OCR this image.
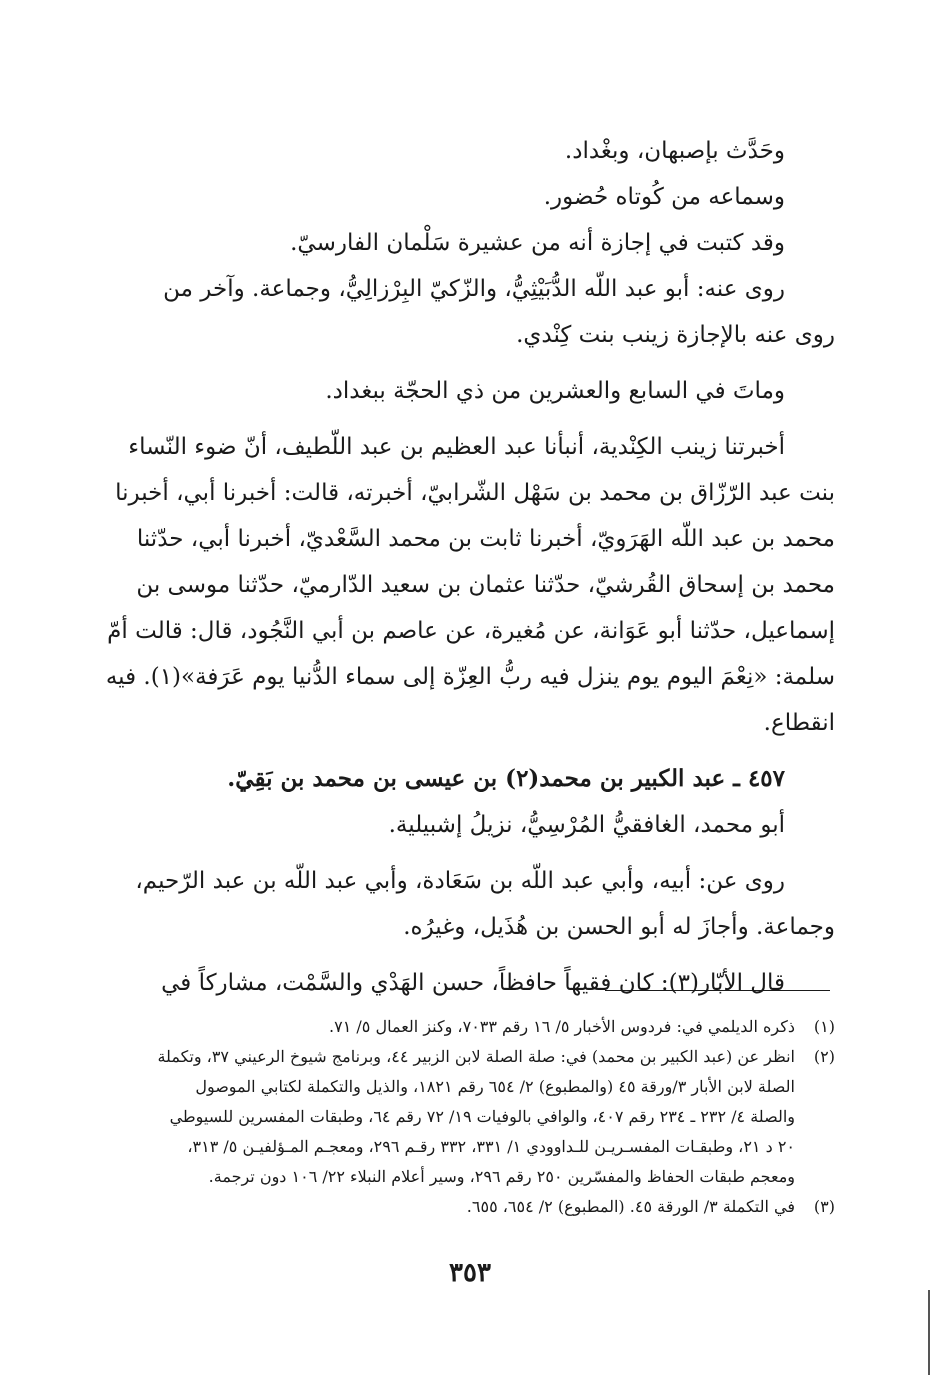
وحَدَّث بإصبهان، وبغْداد.

وسماعه من كُوتاه حُضور.

وقد كتبت في إجازة أنه من عشيرة سَلْمان الفارسيّ.

روى عنه: أبو عبد اللّه الدُّبَيْثِيُّ، والزّكيّ البِرْزالِيُّ، وجماعة. وآخر من

روى عنه بالإجازة زينب بنت كِنْدي.

وماتَ في السابع والعشرين من ذي الحجّة ببغداد.

أخبرتنا زينب الكِنْدية، أنبأنا عبد العظيم بن عبد اللّطيف، أنّ ضوء النّساء

بنت عبد الرّزّاق بن محمد بن سَهْل الشّرابيّ، أخبرته، قالت: أخبرنا أبي، أخبرنا

محمد بن عبد اللّه الهَرَويّ، أخبرنا ثابت بن محمد السَّعْديّ، أخبرنا أبي، حدّثنا

محمد بن إسحاق القُرشيّ، حدّثنا عثمان بن سعيد الدّارميّ، حدّثنا موسى بن

إسماعيل، حدّثنا أبو عَوَانة، عن مُغيرة، عن عاصم بن أبي النَّجُود، قال: قالت أمّ

سلمة: «نِعْمَ اليوم يوم ينزل فيه ربُّ العِزّة إلى سماء الدُّنيا يوم عَرَفة»(١). فيه

انقطاع.

٤٥٧ ـ عبد الكبير بن محمد(٢) بن عيسى بن محمد بن بَقِيّ.

أبو محمد، الغافقيُّ المُرْسِيُّ، نزيلُ إشبيلية.

روى عن: أبيه، وأبي عبد اللّه بن سَعَادة، وأبي عبد اللّه بن عبد الرّحيم،

وجماعة. وأجازَ له أبو الحسن بن هُذَيل، وغيرُه.

قال الأبّار(٣): كان فقيهاً حافظاً، حسن الهَدْي والسَّمْت، مشاركاً في

(١)ذكره الديلمي في: فردوس الأخبار ٥/ ١٦ رقم ٧٠٣٣، وكنز العمال ٥/ ٧١.

(٢)انظر عن (عبد الكبير بن محمد) في: صلة الصلة لابن الزبير ٤٤، وبرنامج شيوخ الرعيني ٣٧، وتكملة

الصلة لابن الأبار ٣/ورقة ٤٥ (والمطبوع) ٢/ ٦٥٤ رقم ١٨٢١، والذيل والتكملة لكتابي الموصول

والصلة ٤/ ٢٣٢ ـ ٢٣٤ رقم ٤٠٧، والوافي بالوفيات ١٩/ ٧٢ رقم ٦٤، وطبقات المفسرين للسيوطي

٢٠ د ٢١، وطبقـات المفسـريـن للـداوودي ١/ ٣٣١، ٣٣٢ رقـم ٢٩٦، ومعجـم المـؤلفيـن ٥/ ٣١٣،

ومعجم طبقات الحفاظ والمفسّرين ٢٥٠ رقم ٢٩٦، وسير أعلام النبلاء ٢٢/ ١٠٦ دون ترجمة.

(٣)في التكملة ٣/ الورقة ٤٥. (المطبوع) ٢/ ٦٥٤، ٦٥٥.

٣٥٣
